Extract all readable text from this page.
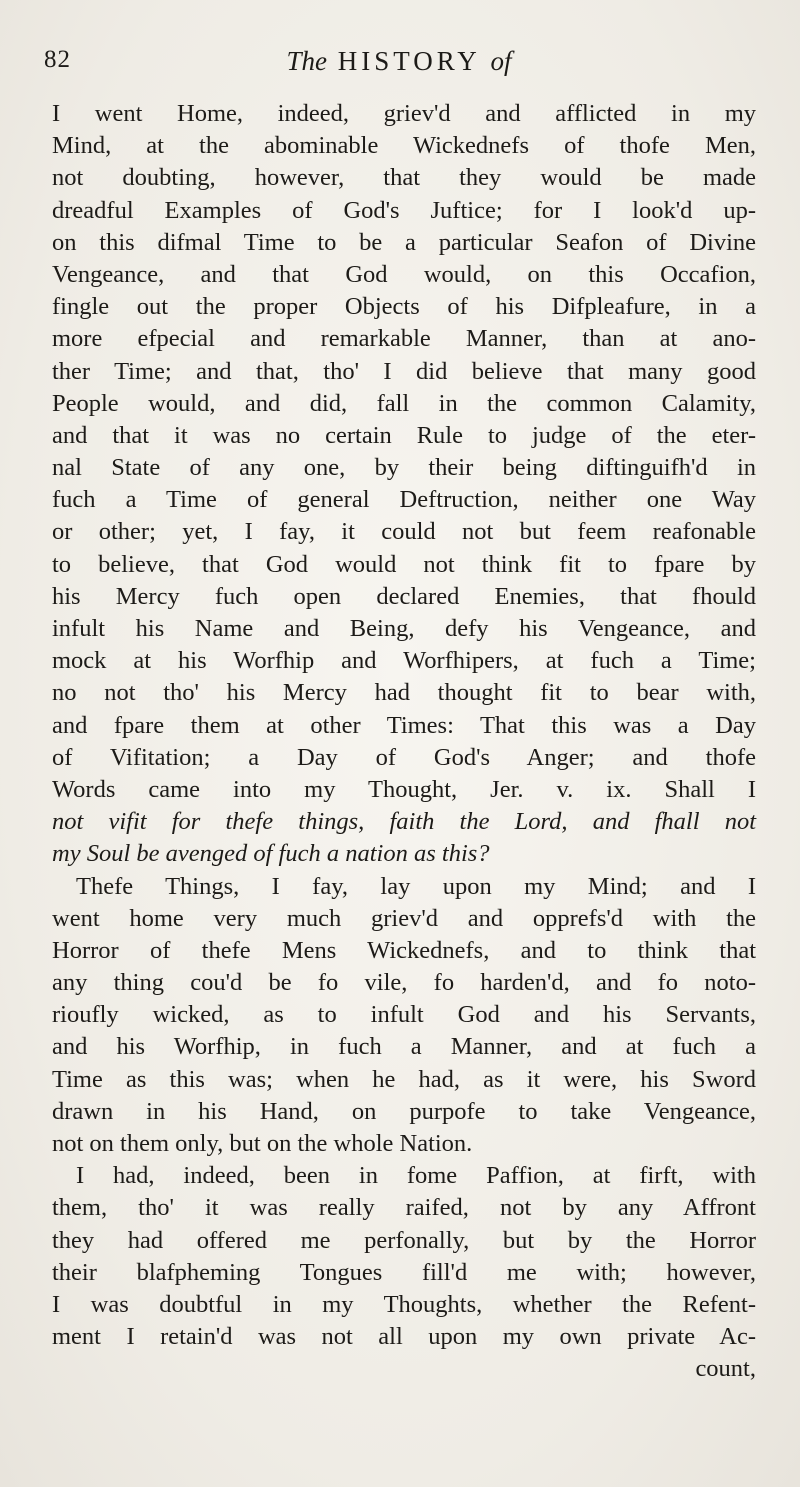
82	The HISTORY of
I went Home, indeed, griev'd and afflicted in my
Mind, at the abominable Wickednefs of thofe Men,
not doubting, however, that they would be made
dreadful Examples of God's Juftice; for I look'd up-
on this difmal Time to be a particular Seafon of Divine
Vengeance, and that God would, on this Occafion,
fingle out the proper Objects of his Difpleafure, in a
more efpecial and remarkable Manner, than at ano-
ther Time; and that, tho' I did believe that many good
People would, and did, fall in the common Calamity,
and that it was no certain Rule to judge of the eter-
nal State of any one, by their being diftinguifh'd in
fuch a Time of general Deftruction, neither one Way
or other; yet, I fay, it could not but feem reafonable
to believe, that God would not think fit to fpare by
his Mercy fuch open declared Enemies, that fhould
infult his Name and Being, defy his Vengeance, and
mock at his Worfhip and Worfhipers, at fuch a Time;
no not tho' his Mercy had thought fit to bear with,
and fpare them at other Times: That this was a Day
of Vifitation; a Day of God's Anger; and thofe
Words came into my Thought, Jer. v. ix. Shall I
not vifit for thefe things, faith the Lord, and fhall not
my Soul be avenged of fuch a nation as this?
Thefe Things, I fay, lay upon my Mind; and I
went home very much griev'd and opprefs'd with the
Horror of thefe Mens Wickednefs, and to think that
any thing cou'd be fo vile, fo harden'd, and fo noto-
rioufly wicked, as to infult God and his Servants,
and his Worfhip, in fuch a Manner, and at fuch a
Time as this was; when he had, as it were, his Sword
drawn in his Hand, on purpofe to take Vengeance,
not on them only, but on the whole Nation.
I had, indeed, been in fome Paffion, at firft, with
them, tho' it was really raifed, not by any Affront
they had offered me perfonally, but by the Horror
their blafpheming Tongues fill'd me with; however,
I was doubtful in my Thoughts, whether the Refent-
ment I retain'd was not all upon my own private Ac-
count,
